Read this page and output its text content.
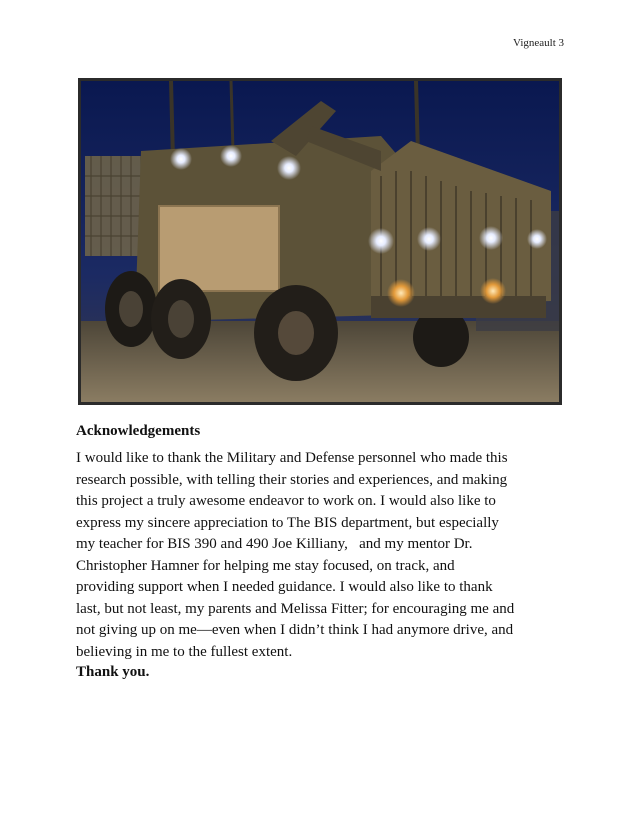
Vigneault 3
Acknowledgements

I would like to thank the Military and Defense personnel who made this
research possible, with telling their stories and experiences, and making
this project a truly awesome endeavor to work on. I would also like to
express my sincere appreciation to The BIS department, but especially
my teacher for BIS 390 and 490 Joe Killiany,   and my mentor Dr.
Christopher Hamner for helping me stay focused, on track, and
providing support when I needed guidance. I would also like to thank
last, but not least, my parents and Melissa Fitter; for encouraging me and
not giving up on me—even when I didn’t think I had anymore drive, and
believing in me to the fullest extent.

Thank you.
